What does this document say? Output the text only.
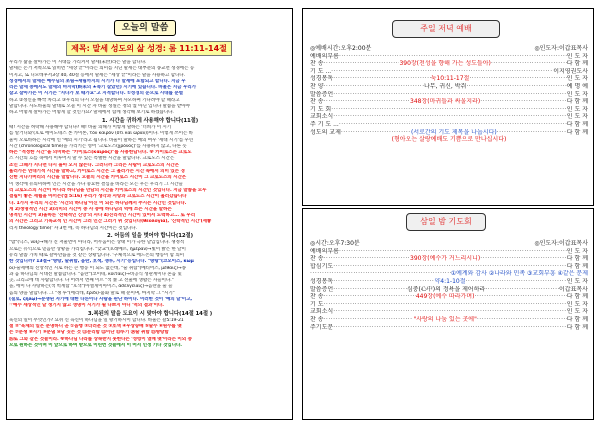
오늘의 말씀
제목: 말세 성도의 삶 성경: 롬 11:11-14절
우리가 삶을 살아가는 이 시대를 가리켜서 말세(末世)라는 말을 합니다.
말세는 돈거 저쪽으로 읽히면 "세상 끝"이라는 의미를 지닌 말세는 대부분의 종교면 성경에는 등
이지고, 또 디모데후서3장 40, 40절 등에서 말세는 "세상 끝"이라는 말을 사용하고 합니다.
성경에서의 말세는 예수님의 초림→재림까지의 시기가 다 말세에 포함되고 합니다. 지금 우
리는 말세 중에서도 말세의 마지막(終末의 ★죽기 살았던) 시기에 있습니다. 바울은 지금 우리가
살고 살아가는 이 시기는 "지다가 보 때가요"고 지적합니다. ①성경의 눈으로 시대를 분별
하고 ②정신을 빠짝 차리고 ③우리의 다시 오실을 대망하며 사모하며 기다려야 할 때라고
말합니다. 사도바울의 말대로 오늘 이 시간 자 바울 성실은 정의 궐 아닌 입니다 말씀을 받아야
하고 어떻게 살아가는 어떻게 할 것인가요? 말세에서 함께 생각해 보기로 하겠습니다.
1. 시간을 귀하게 사용해야 합니다(11절)
때! 시간을 허락해 사용해야 합니다? 때! 바울 의해가 이렇게 말하는 '너희가 이 시기
를 알거니와'(호로 에이도테스 톤 카이론, τὸν καιρόν (ὅτι καὶ ὥραν))이다. 이렇게 쓰이는 바
울이 오로바하는 시각에 인 '예의 시기'라고 됩니다. 바울이 말하는 예의 여우 '세대 시기'를 우린
시간 (chronological time)을 가리키는 영어 '크로노스(χρόνος)'를 사용하지 않고, 다른 듯
하는 "적정한 시간"을 의미하는 "카이로스(καιρός)"를 사용한답니다. ※ 카이로스는 크로노
스 시간의 흐름 속에서 이루어지 말 수 있는 특별한 시간을 말합니다. 크로노스 시간은
조인 그때가 지나면 다시 돌아 오지 않는다. 그러니까 그리는 사람이 크로노스의 시간은
흘러가는 연대기적 시간을 말하고, 카이로스 시간은 그 흘러가는 시간 속에서 의미 있는 경
신한 지나가버리의 시간을 말합니다. 오늘의 시간을 카이로스 시간이 그 크로노스의 시간은
이 생각에 유의미하여 인은 시간을 가다 중요한 결심을 바라는 모든 우는 우리기 그 시간들
리 크로노스의 시간이 아니라 하나님을 만남의 시간을 카이로스의 시간인 것입니다. 지금 말씀을 모두
결핍이 좋은 세월을 아끼는(엡 5:16) 우리가 생각과 사랑과 크로노스 시간이 흘러갔습니다
다. 1가지 우리의 시간은 '시간의 하나님'이신 이 되는 하나님께서 주시는 시간인 것입니다.
게 2)생명적인 시간 3)의미의 시간이 중 사 중에 하나님의 역에 쓰는 시간을 말하는
명적인 시간이 3)올바른 '선택적인 신앙'의 사다 4)진리적인 시간이 있어서 노력하고... 또 우리
의 시간은 그리고 기독교적 인 시간이 그러 인간 그러기 위 것입니다(θεολογία), '신학적인 시간'(세좋
리지 theology time)' 자 3번 에, 즉 하나님의 시간이는 것입니다.
2. 어둠의 일을 벗어야 합니다(12절)
"밤"(닉스, νύξ)→해가 진 저물면이 아니라, 어두움이은 상태 이가 극한 날입입니다. 쟁정적
으로는 유익으로 믿음만 상황을 가리킵니다. "낮교"(호레메르, ἡμέραν)→빛이 밝은 한 날이
유리 말씀 가치 때로 갈아만듭을 것 같은 상황입니다. '구체적으로 에드몬의 행동이 함 의미
한 것입니까? 13절→"방탕, 술취함, 음란, 호색, 쟁투, 시기"등입니다. "방탕"(코모이스, κῶμ
οι)-술세배의 신앙적인 시로 하든 큰 행동 이 되도 없는데, "술 취함"(메티어스, μέθαις)→종
과 음 하나님의 시대전 말씀합니다. "음란"(코이테, κοίταις)→비공식 성관계이나 혼음 및
곳, 크리크에 데 사람합니다. 다 어려서 번째 이르 "색 쫓 고 선물에 생활은 자들이다."
을, 에이 다 사탕하는(색 벽계함 "호색"(아셀게이아이스, ἀσελγείαις)→음란을 둘 들
음의 양을 말합니다. 그 "쟁 투"(에리데, ἔριδι)-불화 말로 때 분이며, 마지막 그 "시기"
(질로, ζήλῳ)→분쟁된 자기에 대한 다른이나 사람을 판단 하이다. 이러한 것이 '예의 날'이고,
☞예수 세상적인 날 생기지 않고 생명이 시기가 될 나쁘지 아니 '역의 결과'이다.
3.복된의 말을 도요이 시 맞아야 합니다(14절 14절 )
육신의 일이 무엇인가? 요쉬 신 육신이 하나님을 일 왕기하시이 합니다. 바울은 갈5:19-21
절 ②"육체의 일은 분명하니 곧 ①음행 ②더러운 것 ③호색 ④우상숭배 ⑤술수 ⑥원수를 맺
는 ⑦분쟁 ⑧시기 ⑨분냄 ⑩당 짓는 것 ⑪분리함 ⑫이단 ⑬투기 ⑭술 취함 ⑮방탕함
⑯또 그와 같은 것들이라. ※하나님 나라를 상속받지 못한다는 '성령이 열매 맺'이라는 이외 중
으로 원하는 것이며 이 앞으로 하여 받으로 이린번 것들에서 이 어서 인정 기다 것입니다.
주일 저녁 예배
◎예배시간:오후2:00분	◎인도자:이갑표목사
예배의부름 ·····	인 도 자
찬 송 ·····	390장(천성을 향해 가는 성도들아) ·····	다 함 께
기 도 ... ·····	이지영권도사
성경봉독 ·····	눅10:11-17절 ·····	인 도 자
찬 양 ·····	나무, 귀신, 박쥐 ·····	예 명 예
말씀증언 ·····	인 도 자
찬 송 ·····	348장(마귀들과 싸울지라) ·····	다 함 께
기 도 회 ·····	인 도 자
교회소식 ·····	인 도 자
주 기 도 ... ·····	다 함 께
성도의 교제 ·····	(서로간의 기도 제목을 나눕시다) ·····	다 함 께
(형아오는 살랑예배도 기쁨으로 만나십시다)
삼일 밤 기도회
◎시간:오후7:30분	◎인도자:이갑표목사
예배의부름 ·····	인 도 자
찬 송 ·····	390장(예수가 거느리시니) ·····	다 함 께
합심기도 ·····	다 함 께
·····
①예계와 감사 ②나라와 민족 ③교회부흥 ④같은 문제
성경봉독 ·····	약4:1-10절 ·····	인 도 자
말씀증언 ·····	심중(心中)의 정욕을 제어하라 ·····	이갑표목사
찬 송 ·····	449장(예수 따라가며) ·····	다 함 께
기 도 ·····	인 도 자
교회소식 ·····	인 도 자
찬 송 ·····	"사랑의 나눔 있는 곳에" ·····	다 함 께
주기도문 ·····	다 함 께
